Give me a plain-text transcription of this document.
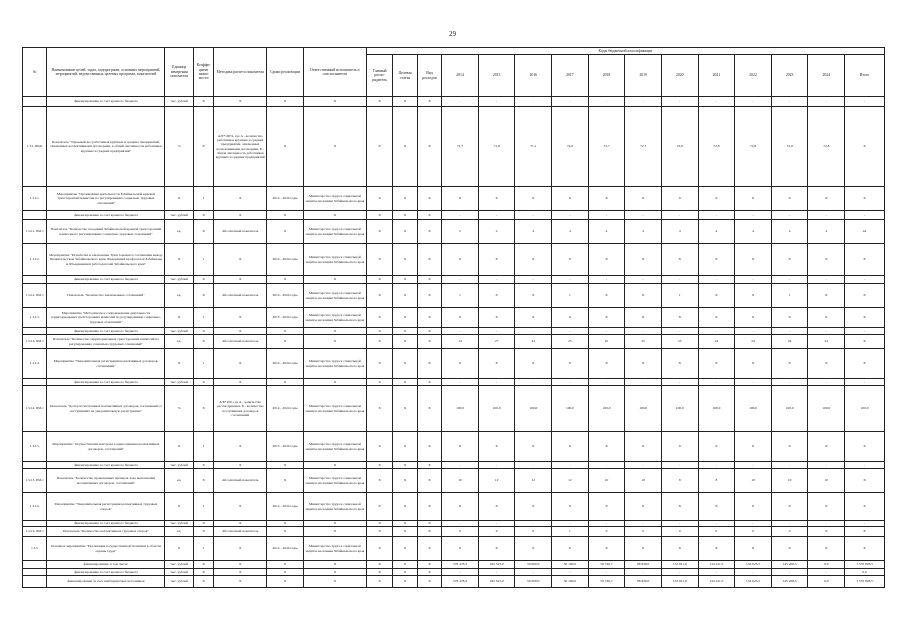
29
№	Наименование целей, задач, подпрограмм, основных мероприятий, мероприятий, ведомственных целевых программ, показателей	Единица измерения показателя	Коэффи-циент значи-мости	Методика расчета показателя	Сроки реализации	Ответственный исполнитель и соисполнители	Коды бюджетной классификации														
							Главный распо-рядитель	Целевая статья	Вид расходов	2014	2015	2016	2017	2018	2019	2020	2021	2022	2023	2024	Итого
	финансирование за счет краевого бюджета	тыс. рублей	X	X	X	X	X	X	X	-	-	-	-	-	-	-	-	-	-	-	-
1.3.2. ПЦ41	Показатель "Удельный вес работников крупных и средних предприятий, охваченных коллективными договорами, в общей численности работников крупных и средних предприятий"	%	X	А/Б*100%, где А - количество работников крупных и средних предприятий, охваченных коллективными договорами, Б - общая численность работников крупных и средних предприятий	X	X	X	X	X	71,7	71,8	71,1	72,6	72,7	72,7	72,8	72,8	72,8	72,8	72,8	X
1.3.2.1.	Мероприятие "Организация деятельности Забайкальской краевой трехсторонней комиссии по регулированию социально-трудовых отношений"	X	1	X	2014 - 2024 годы	Министерство труда и социальной защиты населения Забайкальского края	X	X	X	X	X	X	X	X	X	X	X	X	X	X	X
	финансирование за счет краевого бюджета	тыс. рублей	X	X	X	X	X	X	X	-	-	-	-	-	-	-	-	-	-	-	-
1.3.2.1. ПМ-1	Показатель "Количество заседаний Забайкальской краевой трехсторонней комиссии по регулированию социально-трудовых отношений"	ед.	X	Абсолютный показатель	X	Министерство труда и социальной защиты населения Забайкальского края	X	X	X	5	4	4	4	4	4	4	4	4	4	4	44
1.3.2.2.	Мероприятие "Разработка и заключение Трехстороннего соглашения между Правительством Забайкальского края, Федерацией профсоюзов Забайкалья и Объединением работодателей Забайкальского края"	X	1	X	2014 - 2024 годы	Министерство труда и социальной защиты населения Забайкальского края	X	X	X	X	X	X	X	X	X	X	X	X	X	X	X
	финансирование за счет краевого бюджета	тыс. рублей	X	X	X	X	X	X	X	-	-	-	-	-	-	-	-	-	-	-	-
1.3.2.2. ПМ-1	Показатель "Количество заключенных соглашений"	ед.	X	Абсолютный показатель	2014 - 2024 годы	Министерство труда и социальной защиты населения Забайкальского края	X	X	X	1	X	X	1	X	X	1	X	X	1	X	X
1.3.2.3.	Мероприятие "Методическое сопровождение деятельности территориальных трехсторонних комиссий по регулированию социально-трудовых отношений"	X	1	X	2015 - 2024 годы	Министерство труда и социальной защиты населения Забайкальского края	X	X	X	X	X	X	X	X	X	X	X	X	X	X	X
	финансирование за счет краевого бюджета	тыс. рублей	X	X	X	X	X	X	X	-	-	-	-	-	-	-	-	-	-	-	-
1.3.2.3. ПМ-1	Показатель "Количество территориальных трехсторонних комиссий по регулированию социально-трудовых отношений"	ед.	X	Абсолютный показатель	X	X	X	X	X	14	27	24	25	25	25	25	24	24	24	24	X
1.3.2.4.	Мероприятие "Уведомительная регистрация коллективных договоров, соглашений"	X	1	X	2014 - 2024 годы	Министерство труда и социальной защиты населения Забайкальского края	X	X	X	X	X	X	X	X	X	X	X	X	X	X	X
	финансирование за счет краевого бюджета	тыс. рублей	X	X	X	X	X	X	X	-	-	-	-	-	-	-	-	-	-	-	-
1.3.2.4. ПМ-1	Показатель "Доля рассмотренных коллективных договоров, соглашений от поступивших на уведомительную регистрацию"	%	X	А/Б*100, где А - количество рассмотренных, Б - количество поступивших договоров соглашений	2014 - 2024 годы	Министерство труда и социальной защиты населения Забайкальского края	X	X	X	100,0	100,0	100,0	100,0	100,0	100,0	100,0	100,0	100,0	100,0	100,0	100,0
1.3.2.5.	Мероприятие "Осуществление контроля за выполнением коллективных договоров, соглашений"	X	1	X	2015 - 2024 годы	Министерство труда и социальной защиты населения Забайкальского края	X	X	X	X	X	X	X	X	X	X	X	X	X	X	X
	финансирование за счет краевого бюджета	тыс. рублей	X	X	X	X	X	X	X	-	-	-	-	-	-	-	-	-	-	-	-
1.3.2.5. ПМ-1	Показатель "Количество проведенных проверок хода выполнения коллективных договоров, соглашений"	ед.	X	Абсолютный показатель	X	Министерство труда и социальной защиты населения Забайкальского края	X	X	X	10	12	12	12	10	10	8	8	10	10	10	X
1.3.2.6.	Мероприятие "Уведомительная регистрация коллективных трудовых споров"	X	1	X	2014 - 2024 годы	Министерство труда и социальной защиты населения Забайкальского края	X	X	X	X	X	X	X	X	X	X	X	X	X	X	X
	финансирование за счет краевого бюджета	тыс. рублей	X	X	X	X	X	X	X	-	-	-	-	-	-	-	-	-	-	-	-
1.3.2.6. ПМ-1	Показатель "Количество коллективных трудовых споров"	ед.	X	Абсолютный показатель	X	X	X	X	X	0	0	0	1	0	0	0	0	0	0	X	X
1.3.3.	Основное мероприятие "Реализация государственной политики в области охраны труда"	X	1	X	2014 - 2024 годы	Министерство труда и социальной защиты населения Забайкальского края	X	X	X	X	X	X	X	X	X	X	X	X	X	X	X
	финансирование, в том числе:	тыс. рублей	X	X	X	X	X	X	X	578 478,3	182 523,0	50 000,0	50 100,0	59 740,7	98 939,0	152 811,0	134 241,5	134 623,5	145 208,5	0,0	1 570 828,5
	финансирование за счет краевого бюджета	тыс. рублей	X	X	X	X	X	X	X	-	-	-	-	-	-	-	-	-	-	-	0,0
	финансирование за счет внебюджетных источников	тыс. рублей	X	X	X	X	X	X	X	578 478,3	182 523,0	50 000,0	50 100,0	59 740,7	98 939,0	152 811,0	134 241,5	134 623,5	145 208,5	0,0	1 570 828,5
